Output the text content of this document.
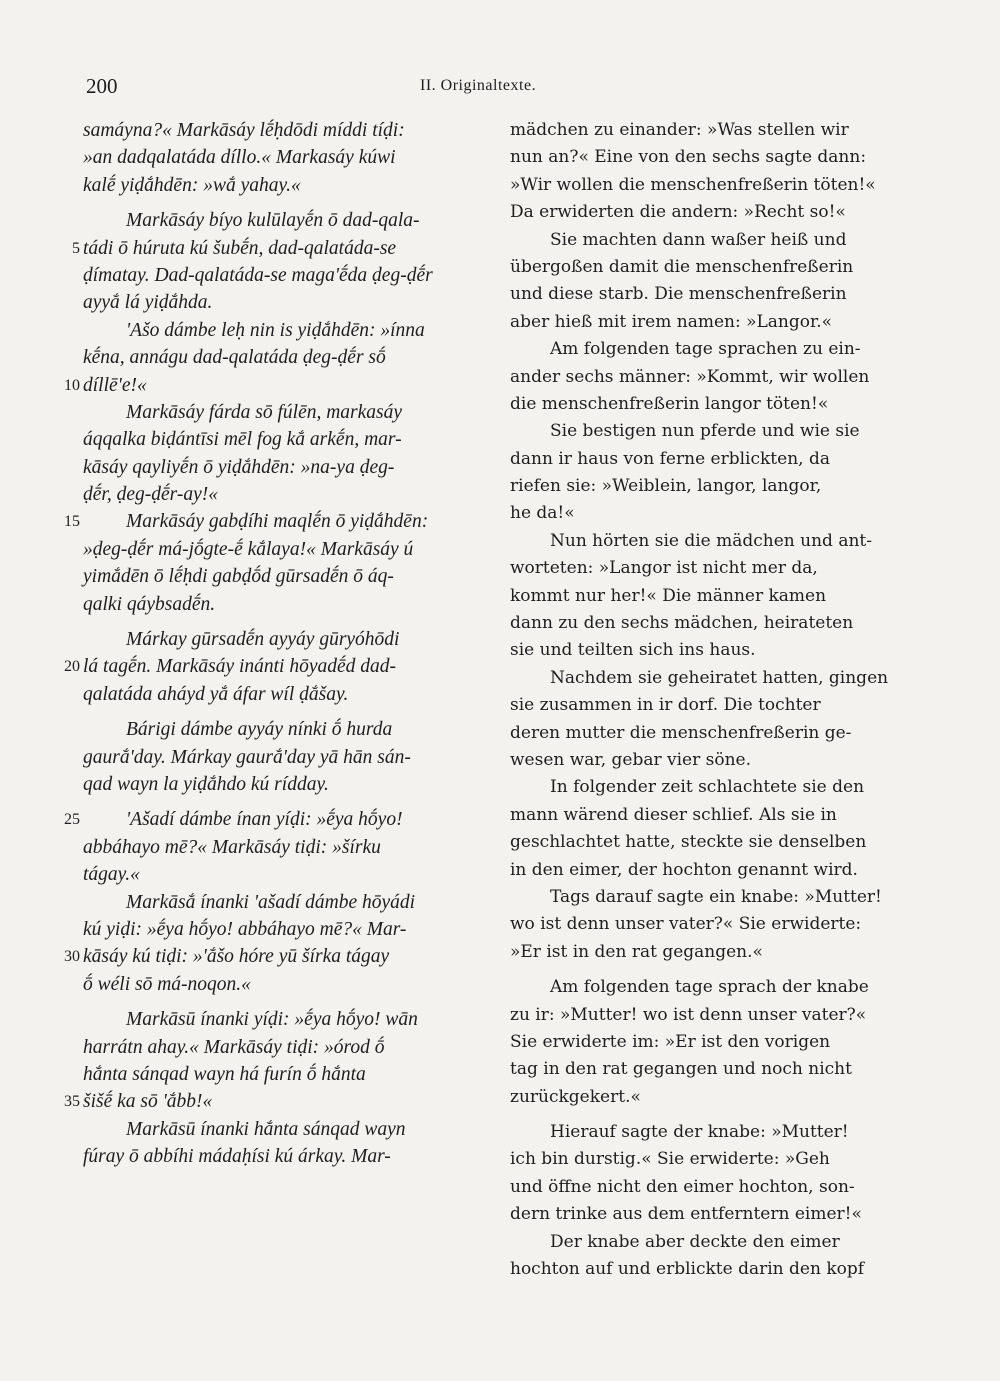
200	II. Originaltexte.
samáyna?« Markāsáy lḗḥdōdi míddi tíḍi:
»an dadqalatáda díllo.« Markasáy kúwi
kalḗ yiḍắhdēn: »wắ yahay.«
Markāsáy bíyo kulūlayḗn ō dad-qala-
tádi ō húruta kú šubḗn, dad-qalatáda-se
5
ḍímatay. Dad-qalatáda-se maga'ḗda ḍeg-ḍḗr
ayyắ lá yiḍắhda.
'Ašo dámbe leḥ nin is yiḍắhdēn: »ínna
kḗna, annágu dad-qalatáda ḍeg-ḍḗr sṓ
díllē'e!«
10
Markāsáy fárda sō fúlēn, markasáy
áqqalka biḍántīsi mēl fog kắ arkḗn, mar-
kāsáy qayliyḗn ō yiḍắhdēn: »na-ya ḍeg-
ḍḗr, ḍeg-ḍḗr-ay!«
Markāsáy gabḍíhi maqlḗn ō yiḍắhdēn:
15
»ḍeg-ḍḗr má-jṓgte-ḗ kắlaya!« Markāsáy ú
yimắdēn ō lḗḥdi gabḍṓd gūrsadḗn ō áq-
qalki qáybsadḗn.
Márkay gūrsadḗn ayyáy gūryóhōdi
lá tagḗn. Markāsáy inánti hōyadḗd dad-
20
qalatáda aháyd yắ áfar wíl ḍắšay.
Bárigi dámbe ayyáy nínki ṓ hurda
gaurắ'day. Márkay gaurắ'day yā hān sán-
qad wayn la yiḍắhdo kú rídday.
'Ašadí dámbe ínan yíḍi: »ḗya hṓyo!
25
abbáhayo mē?« Markāsáy tiḍi: »šírku
tágay.«
Markāsắ ínanki 'ašadí dámbe hōyádi
kú yiḍi: »ḗya hṓyo! abbáhayo mē?« Mar-
kāsáy kú tiḍi: »'ắšo hóre yū šírka tágay
30
ṓ wéli sō má-noqon.«
Markāsū ínanki yíḍi: »ḗya hṓyo! wān
harrátn ahay.« Markāsáy tiḍi: »órod ṓ
hắnta sánqad wayn há furín ṓ hắnta
šišḗ ka sō 'ắbb!«
35
Markāsū ínanki hắnta sánqad wayn
fúray ō abbíhi mádaḥísi kú árkay. Mar-
mädchen zu einander: »Was stellen wir
nun an?« Eine von den sechs sagte dann:
»Wir wollen die menschenfreßerin töten!«
Da erwiderten die andern: »Recht so!«
Sie machten dann waßer heiß und
übergoßen damit die menschenfreßerin
und diese starb. Die menschenfreßerin
aber hieß mit irem namen: »Langor.«
Am folgenden tage sprachen zu ein-
ander sechs männer: »Kommt, wir wollen
die menschenfreßerin langor töten!«
Sie bestigen nun pferde und wie sie
dann ir haus von ferne erblickten, da
riefen sie: »Weiblein, langor, langor,
he da!«
Nun hörten sie die mädchen und ant-
worteten: »Langor ist nicht mer da,
kommt nur her!« Die männer kamen
dann zu den sechs mädchen, heirateten
sie und teilten sich ins haus.
Nachdem sie geheiratet hatten, gingen
sie zusammen in ir dorf. Die tochter
deren mutter die menschenfreßerin ge-
wesen war, gebar vier söne.
In folgender zeit schlachtete sie den
mann wärend dieser schlief. Als sie in
geschlachtet hatte, steckte sie denselben
in den eimer, der hochton genannt wird.
Tags darauf sagte ein knabe: »Mutter!
wo ist denn unser vater?« Sie erwiderte:
»Er ist in den rat gegangen.«
Am folgenden tage sprach der knabe
zu ir: »Mutter! wo ist denn unser vater?«
Sie erwiderte im: »Er ist den vorigen
tag in den rat gegangen und noch nicht
zurückgekert.«
Hierauf sagte der knabe: »Mutter!
ich bin durstig.« Sie erwiderte: »Geh
und öffne nicht den eimer hochton, son-
dern trinke aus dem entferntern eimer!«
Der knabe aber deckte den eimer
hochton auf und erblickte darin den kopf
